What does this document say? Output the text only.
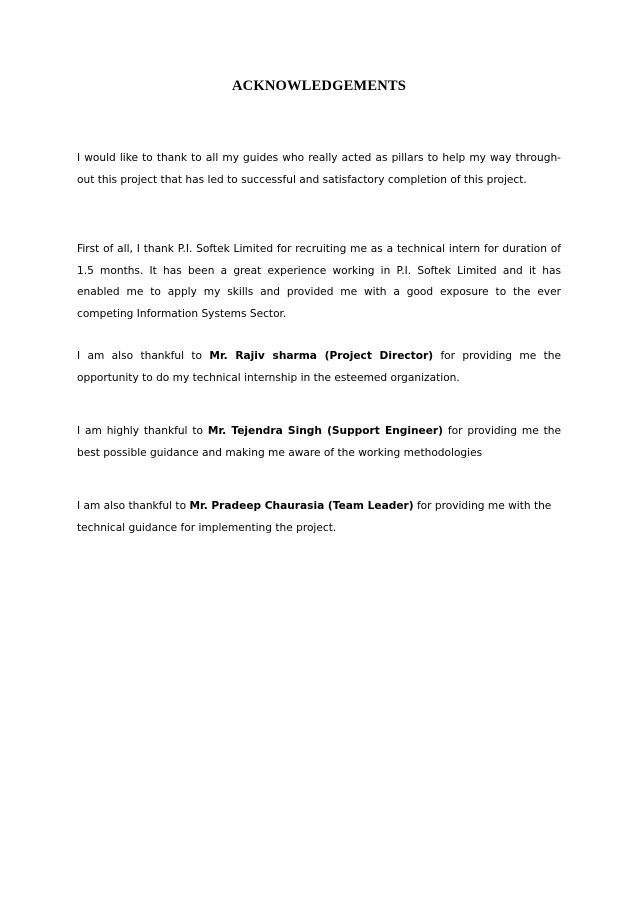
ACKNOWLEDGEMENTS

I would like to thank to all my guides who really acted as pillars to help my way through-out this project that has led to successful and satisfactory completion of this project.

First of all, I thank P.I. Softek Limited for recruiting me as a technical intern for duration of 1.5 months. It has been a great experience working in P.I. Softek Limited and it has enabled me to apply my skills and provided me with a good exposure to the ever competing Information Systems Sector.

I am also thankful to Mr. Rajiv sharma (Project Director) for providing me the opportunity to do my technical internship in the esteemed organization.

I am highly thankful to Mr. Tejendra Singh (Support Engineer) for providing me the best possible guidance and making me aware of the working methodologies

I am also thankful to Mr. Pradeep Chaurasia (Team Leader) for providing me with the technical guidance for implementing the project.
